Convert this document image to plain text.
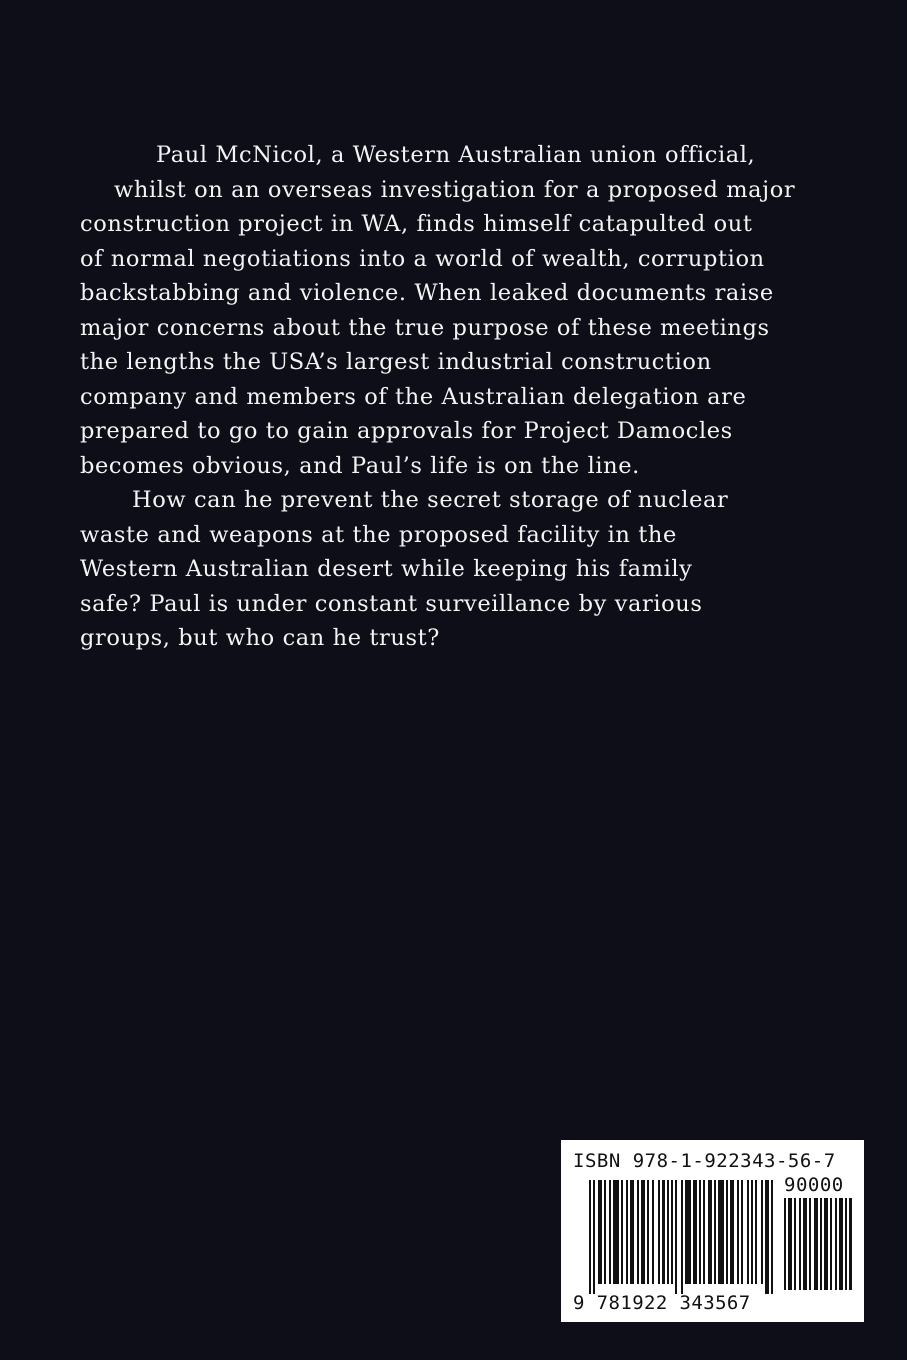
Paul McNicol, a Western Australian union official,
whilst on an overseas investigation for a proposed major
construction project in WA, finds himself catapulted out
of normal negotiations into a world of wealth, corruption
backstabbing and violence. When leaked documents raise
major concerns about the true purpose of these meetings
the lengths the USA’s largest industrial construction
company and members of the Australian delegation are
prepared to go to gain approvals for Project Damocles
becomes obvious, and Paul’s life is on the line.
How can he prevent the secret storage of nuclear
waste and weapons at the proposed facility in the
Western Australian desert while keeping his family
safe? Paul is under constant surveillance by various
groups, but who can he trust?
ISBN 978-1-922343-56-7
90000
9 781922 343567
